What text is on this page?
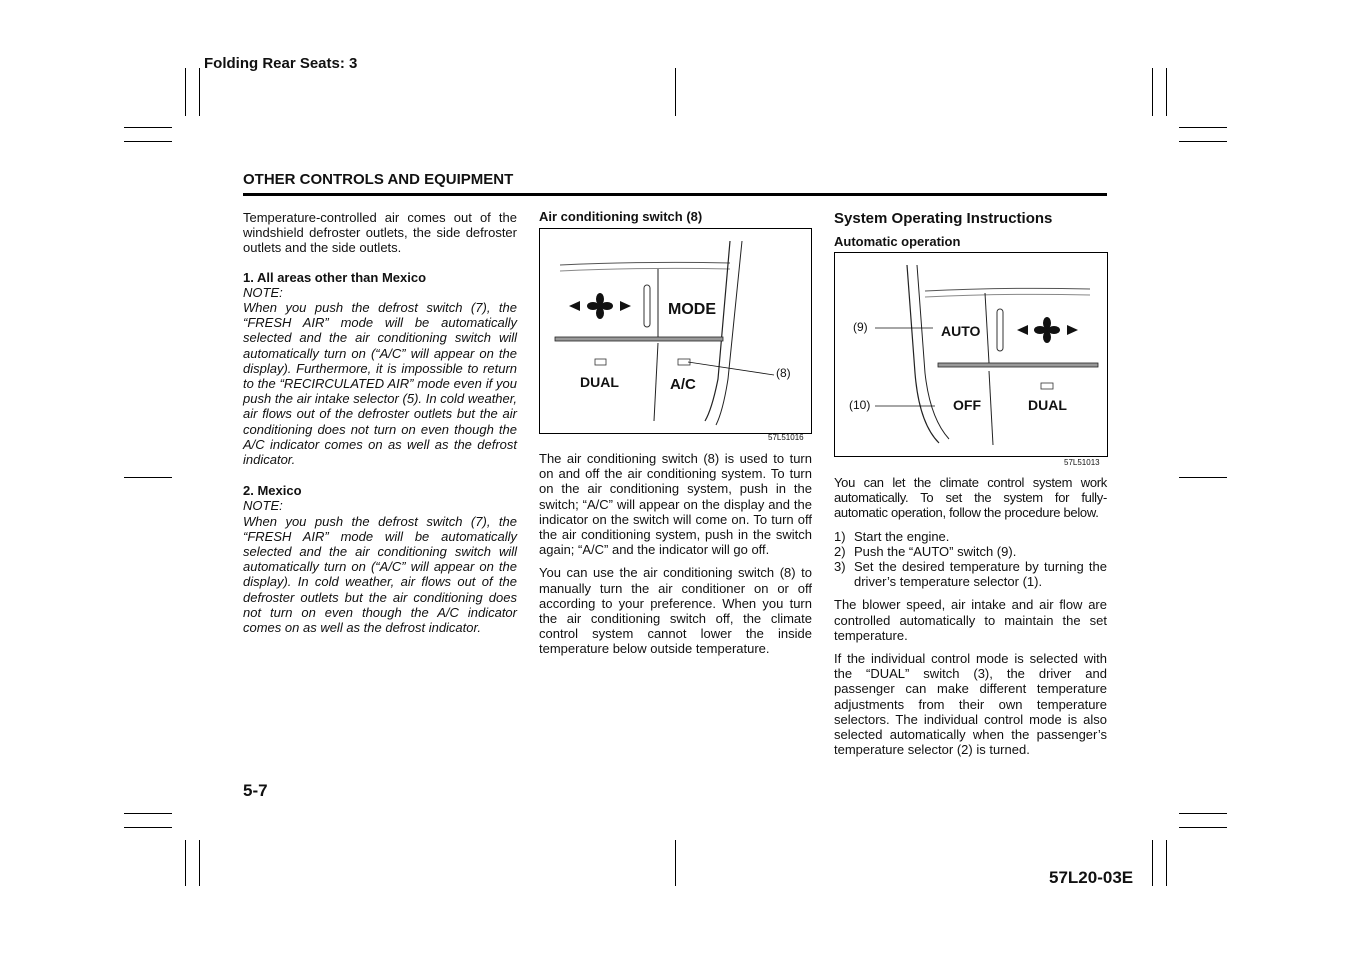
Folding Rear Seats: 3
OTHER CONTROLS AND EQUIPMENT

Temperature-controlled air comes out of the windshield defroster outlets, the side defroster outlets and the side outlets.

1. All areas other than Mexico

NOTE:

When you push the defrost switch (7), the “FRESH AIR” mode will be automatically selected and the air conditioning switch will automatically turn on (“A/C” will appear on the display). Furthermore, it is impossible to return to the “RECIRCULATED AIR” mode even if you push the air intake selector (5). In cold weather, air flows out of the defroster outlets but the air conditioning does not turn on even though the A/C indicator comes on as well as the defrost indicator.

2. Mexico

NOTE:

When you push the defrost switch (7), the “FRESH AIR” mode will be automatically selected and the air conditioning switch will automatically turn on (“A/C” will appear on the display). In cold weather, air flows out of the defroster outlets but the air conditioning does not turn on even though the A/C indicator comes on as well as the defrost indicator.

Air conditioning switch (8)
MODE
DUAL	A/C
(8)
57L51016

The air conditioning switch (8) is used to turn on and off the air conditioning system. To turn on the air conditioning system, push in the switch; “A/C” will appear on the display and the indicator on the switch will come on. To turn off the air conditioning system, push in the switch again; “A/C” and the indicator will go off.

You can use the air conditioning switch (8) to manually turn the air conditioner on or off according to your preference. When you turn the air conditioning switch off, the climate control system cannot lower the inside temperature below outside temperature.

System Operating Instructions
Automatic operation
AUTO
OFF	DUAL
(9)
(10)
57L51013

You can let the climate control system work automatically. To set the system for fully-automatic operation, follow the procedure below.

1) Start the engine.
2) Push the “AUTO” switch (9).
3) Set the desired temperature by turning the driver’s temperature selector (1).

The blower speed, air intake and air flow are controlled automatically to maintain the set temperature.

If the individual control mode is selected with the “DUAL” switch (3), the driver and passenger can make different temperature adjustments from their own temperature selectors. The individual control mode is also selected automatically when the passenger’s temperature selector (2) is turned.

5-7
57L20-03E
